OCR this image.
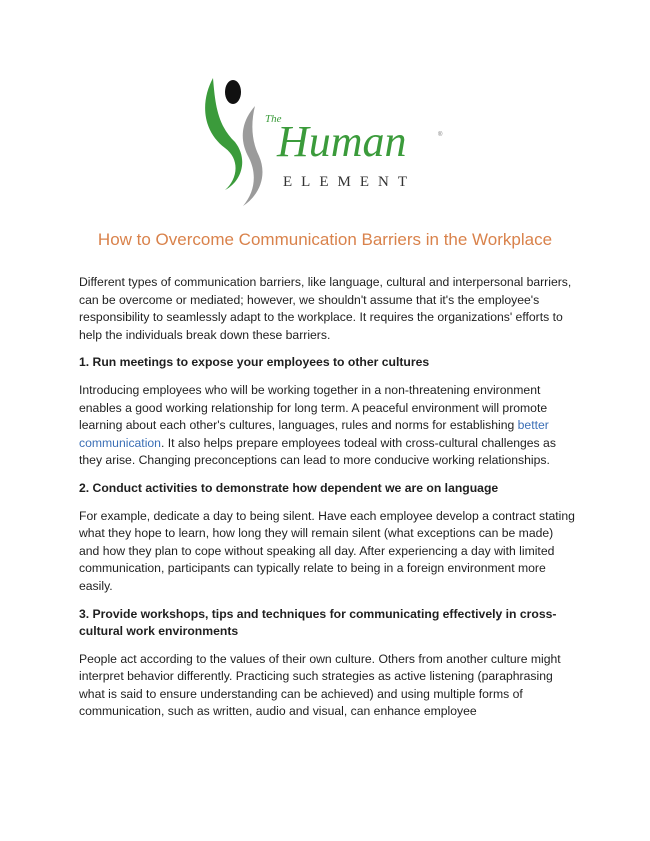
The
Human
ELEMENT
®
How to Overcome Communication Barriers in the Workplace

Different types of communication barriers, like language, cultural and interpersonal barriers, can be overcome or mediated; however, we shouldn't assume that it's the employee's responsibility to seamlessly adapt to the workplace. It requires the organizations' efforts to help the individuals break down these barriers.

1. Run meetings to expose your employees to other cultures

Introducing employees who will be working together in a non-threatening environment enables a good working relationship for long term. A peaceful environment will promote learning about each other's cultures, languages, rules and norms for establishing better communication. It also helps prepare employees todeal with cross-cultural challenges as they arise. Changing preconceptions can lead to more conducive working relationships.

2. Conduct activities to demonstrate how dependent we are on language

For example, dedicate a day to being silent. Have each employee develop a contract stating what they hope to learn, how long they will remain silent (what exceptions can be made) and how they plan to cope without speaking all day. After experiencing a day with limited communication, participants can typically relate to being in a foreign environment more easily.

3. Provide workshops, tips and techniques for communicating effectively in cross-cultural work environments

People act according to the values of their own culture. Others from another culture might interpret behavior differently. Practicing such strategies as active listening (paraphrasing what is said to ensure understanding can be achieved) and using multiple forms of communication, such as written, audio and visual, can enhance employee
